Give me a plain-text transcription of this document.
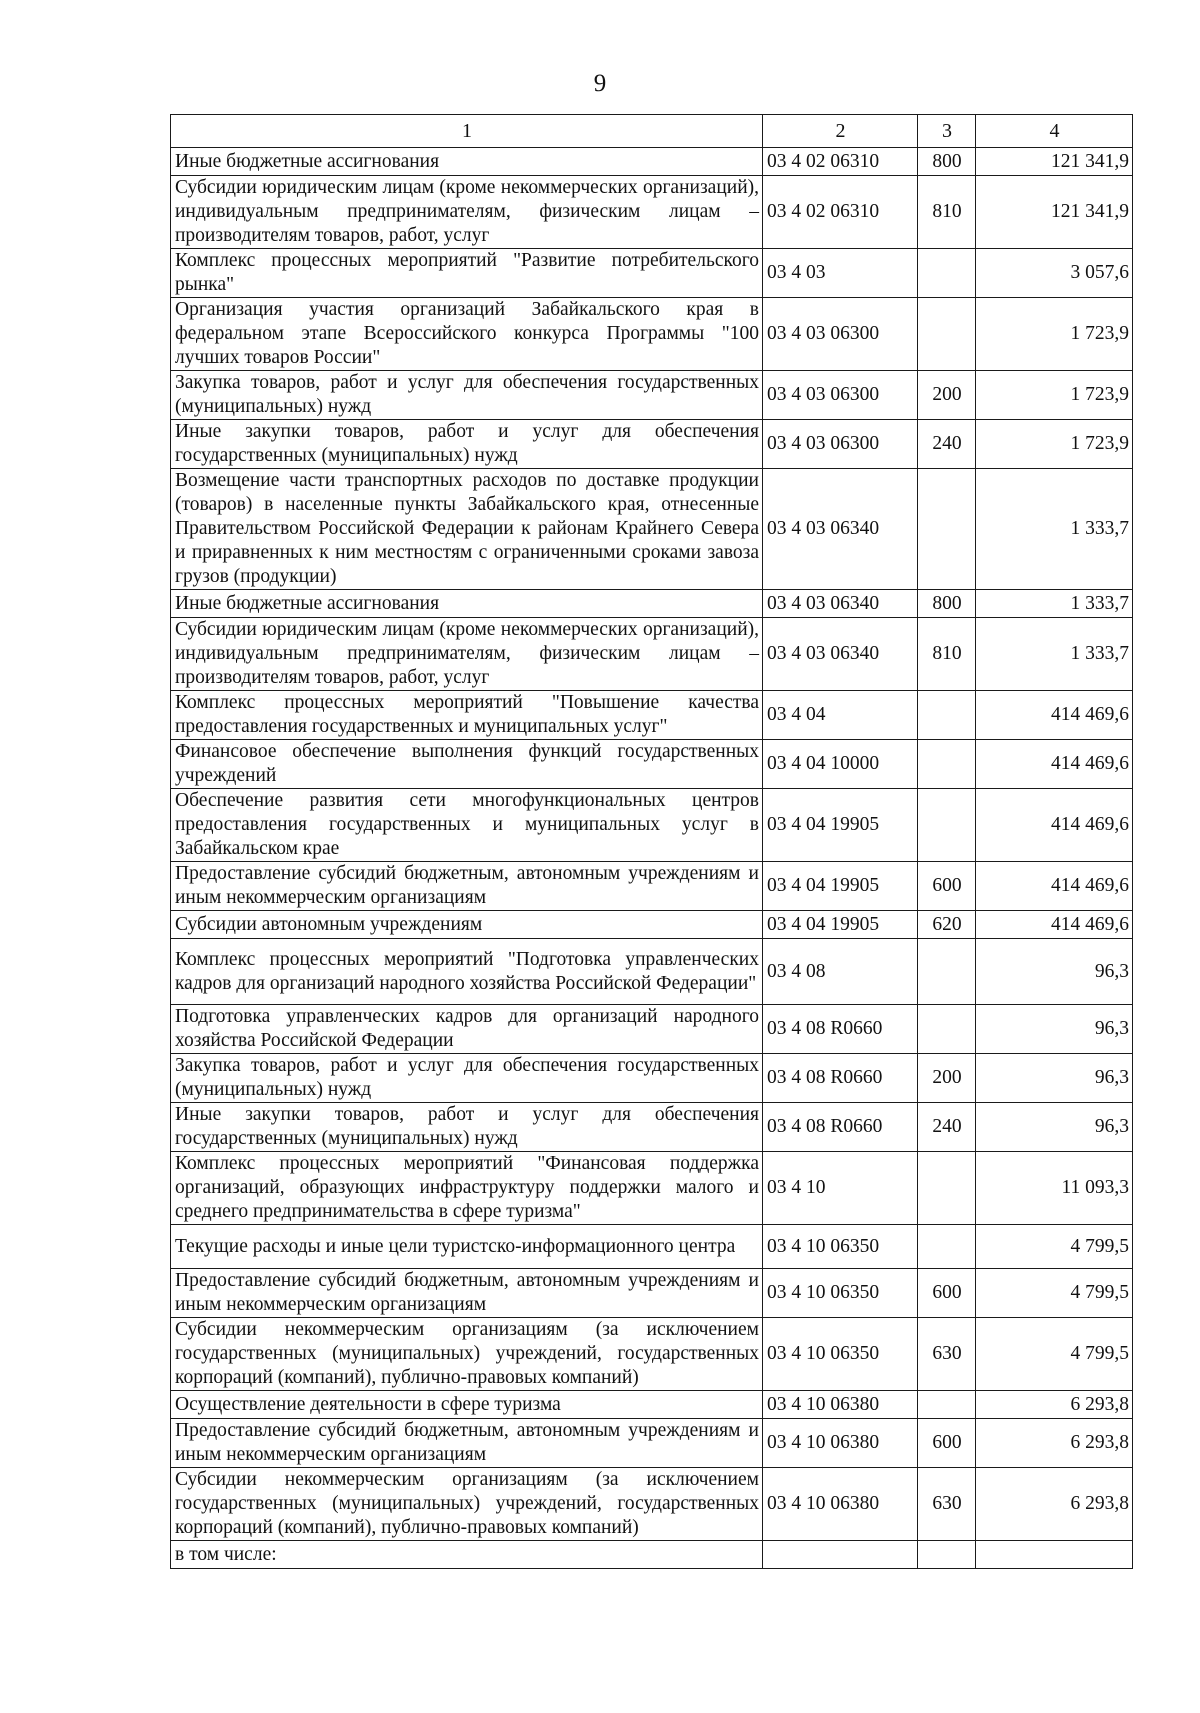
9
1	2	3	4
Иные бюджетные ассигнования	03 4 02 06310	800	121 341,9
Субсидии юридическим лицам (кроме некоммерческих организаций), индивидуальным предпринимателям, физическим лицам – производителям товаров, работ, услуг	03 4 02 06310	810	121 341,9
Комплекс процессных мероприятий "Развитие потребительского рынка"	03 4 03		3 057,6
Организация участия организаций Забайкальского края в федеральном этапе Всероссийского конкурса Программы "100 лучших товаров России"	03 4 03 06300		1 723,9
Закупка товаров, работ и услуг для обеспечения государственных (муниципальных) нужд	03 4 03 06300	200	1 723,9
Иные закупки товаров, работ и услуг для обеспечения государственных (муниципальных) нужд	03 4 03 06300	240	1 723,9
Возмещение части транспортных расходов по доставке продукции (товаров) в населенные пункты Забайкальского края, отнесенные Правительством Российской Федерации к районам Крайнего Севера и приравненных к ним местностям с ограниченными сроками завоза грузов (продукции)	03 4 03 06340		1 333,7
Иные бюджетные ассигнования	03 4 03 06340	800	1 333,7
Субсидии юридическим лицам (кроме некоммерческих организаций), индивидуальным предпринимателям, физическим лицам – производителям товаров, работ, услуг	03 4 03 06340	810	1 333,7
Комплекс процессных мероприятий "Повышение качества предоставления государственных и муниципальных услуг"	03 4 04		414 469,6
Финансовое обеспечение выполнения функций государственных учреждений	03 4 04 10000		414 469,6
Обеспечение развития сети многофункциональных центров предоставления государственных и муниципальных услуг в Забайкальском крае	03 4 04 19905		414 469,6
Предоставление субсидий бюджетным, автономным учреждениям и иным некоммерческим организациям	03 4 04 19905	600	414 469,6
Субсидии автономным учреждениям	03 4 04 19905	620	414 469,6
Комплекс процессных мероприятий "Подготовка управленческих кадров для организаций народного хозяйства Российской Федерации"	03 4 08		96,3
Подготовка управленческих кадров для организаций народного хозяйства Российской Федерации	03 4 08 R0660		96,3
Закупка товаров, работ и услуг для обеспечения государственных (муниципальных) нужд	03 4 08 R0660	200	96,3
Иные закупки товаров, работ и услуг для обеспечения государственных (муниципальных) нужд	03 4 08 R0660	240	96,3
Комплекс процессных мероприятий "Финансовая поддержка организаций, образующих инфраструктуру поддержки малого и среднего предпринимательства в сфере туризма"	03 4 10		11 093,3
Текущие расходы и иные цели туристско-информационного центра	03 4 10 06350		4 799,5
Предоставление субсидий бюджетным, автономным учреждениям и иным некоммерческим организациям	03 4 10 06350	600	4 799,5
Субсидии некоммерческим организациям (за исключением государственных (муниципальных) учреждений, государственных корпораций (компаний), публично-правовых компаний)	03 4 10 06350	630	4 799,5
Осуществление деятельности в сфере туризма	03 4 10 06380		6 293,8
Предоставление субсидий бюджетным, автономным учреждениям и иным некоммерческим организациям	03 4 10 06380	600	6 293,8
Субсидии некоммерческим организациям (за исключением государственных (муниципальных) учреждений, государственных корпораций (компаний), публично-правовых компаний)	03 4 10 06380	630	6 293,8
в том числе:			
